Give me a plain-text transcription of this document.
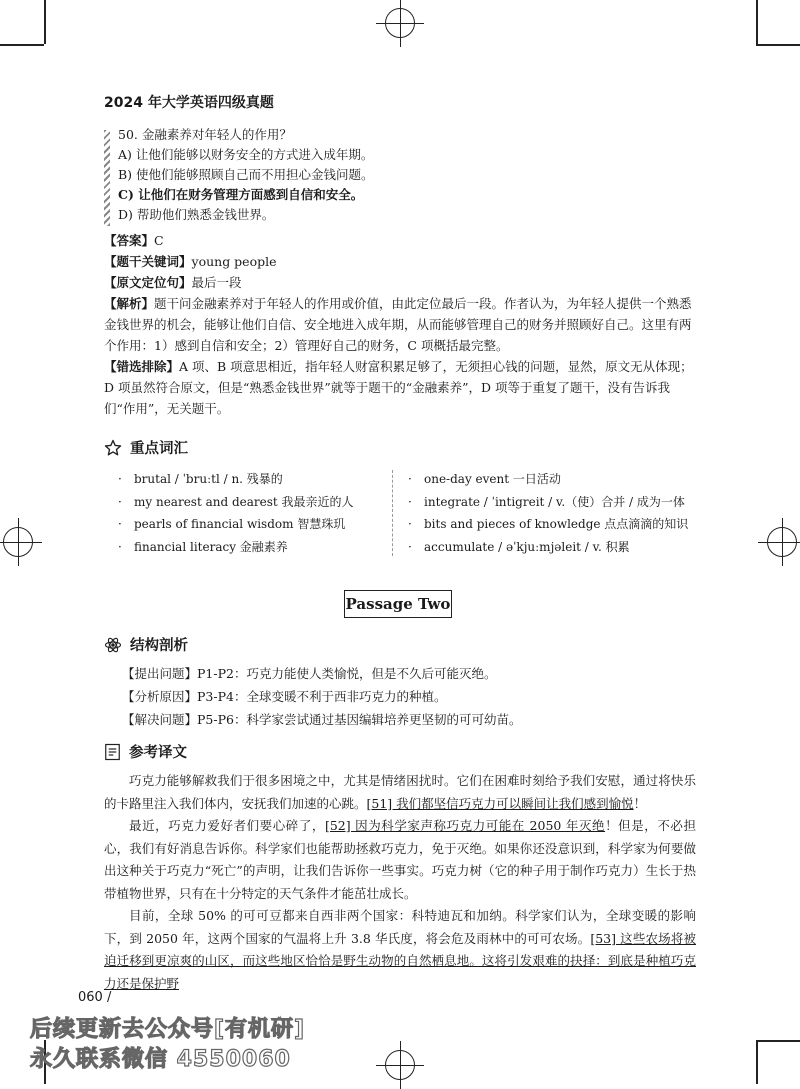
2024 年大学英语四级真题
50. 金融素养对年轻人的作用？
A) 让他们能够以财务安全的方式进入成年期。
B) 使他们能够照顾自己而不用担心金钱问题。
C) 让他们在财务管理方面感到自信和安全。
D) 帮助他们熟悉金钱世界。

【答案】C

【题干关键词】young people

【原文定位句】最后一段

【解析】题干问金融素养对于年轻人的作用或价值，由此定位最后一段。作者认为，为年轻人提供一个熟悉金钱世界的机会，能够让他们自信、安全地进入成年期，从而能够管理自己的财务并照顾好自己。这里有两个作用：1）感到自信和安全；2）管理好自己的财务，C 项概括最完整。

【错选排除】A 项、B 项意思相近，指年轻人财富积累足够了，无须担心钱的问题，显然，原文无从体现；D 项虽然符合原文，但是“熟悉金钱世界”就等于题干的“金融素养”，D 项等于重复了题干，没有告诉我们“作用”，无关题干。

重点词汇
· brutal / ˈbruːtl / n. 残暴的
· my nearest and dearest 我最亲近的人
· pearls of financial wisdom 智慧珠玑
· financial literacy 金融素养
· one-day event 一日活动
· integrate / ˈintigreit / v.（使）合并 / 成为一体
· bits and pieces of knowledge 点点滴滴的知识
· accumulate / əˈkjuːmjəleit / v. 积累
Passage Two
结构剖析
【提出问题】P1-P2：巧克力能使人类愉悦，但是不久后可能灭绝。
【分析原因】P3-P4：全球变暖不利于西非巧克力的种植。
【解决问题】P5-P6：科学家尝试通过基因编辑培养更坚韧的可可幼苗。
参考译文

巧克力能够解救我们于很多困境之中，尤其是情绪困扰时。它们在困难时刻给予我们安慰，通过将快乐的卡路里注入我们体内，安抚我们加速的心跳。[51] 我们都坚信巧克力可以瞬间让我们感到愉悦！

最近，巧克力爱好者们要心碎了，[52] 因为科学家声称巧克力可能在 2050 年灭绝！但是，不必担心，我们有好消息告诉你。科学家们也能帮助拯救巧克力，免于灭绝。如果你还没意识到，科学家为何要做出这种关于巧克力“死亡”的声明，让我们告诉你一些事实。巧克力树（它的种子用于制作巧克力）生长于热带植物世界，只有在十分特定的天气条件才能茁壮成长。

目前，全球 50% 的可可豆都来自西非两个国家：科特迪瓦和加纳。科学家们认为，全球变暖的影响下，到 2050 年，这两个国家的气温将上升 3.8 华氏度，将会危及雨林中的可可农场。[53] 这些农场将被迫迁移到更凉爽的山区，而这些地区恰恰是野生动物的自然栖息地。这将引发艰难的抉择：到底是种植巧克力还是保护野

060 /
后续更新去公众号[有机研]
永久联系微信 4550060
